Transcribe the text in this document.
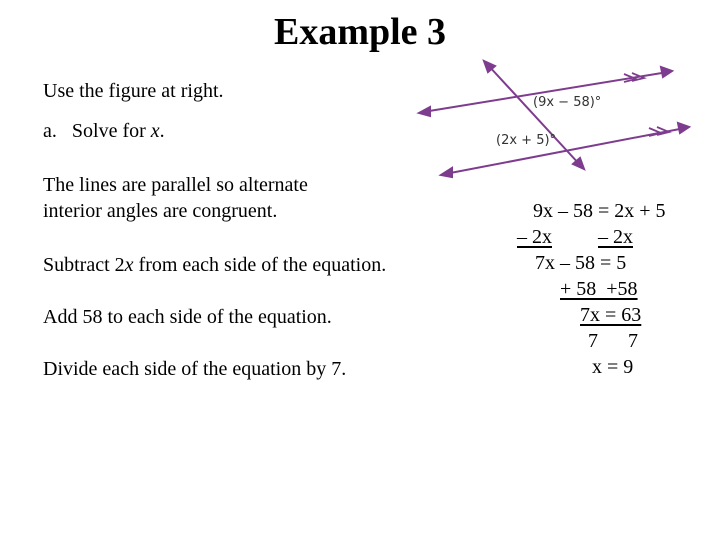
Example 3
Use the figure at right.
a. Solve for x.
The lines are parallel so alternate
interior angles are congruent.
Subtract 2x from each side of the equation.
Add 58 to each side of the equation.
Divide each side of the equation by 7.
(9x − 58)°
(2x + 5)°
9x – 58 = 2x + 5
– 2x – 2x
7x – 58 = 5
+ 58  +58
7x = 63
7      7
x = 9
